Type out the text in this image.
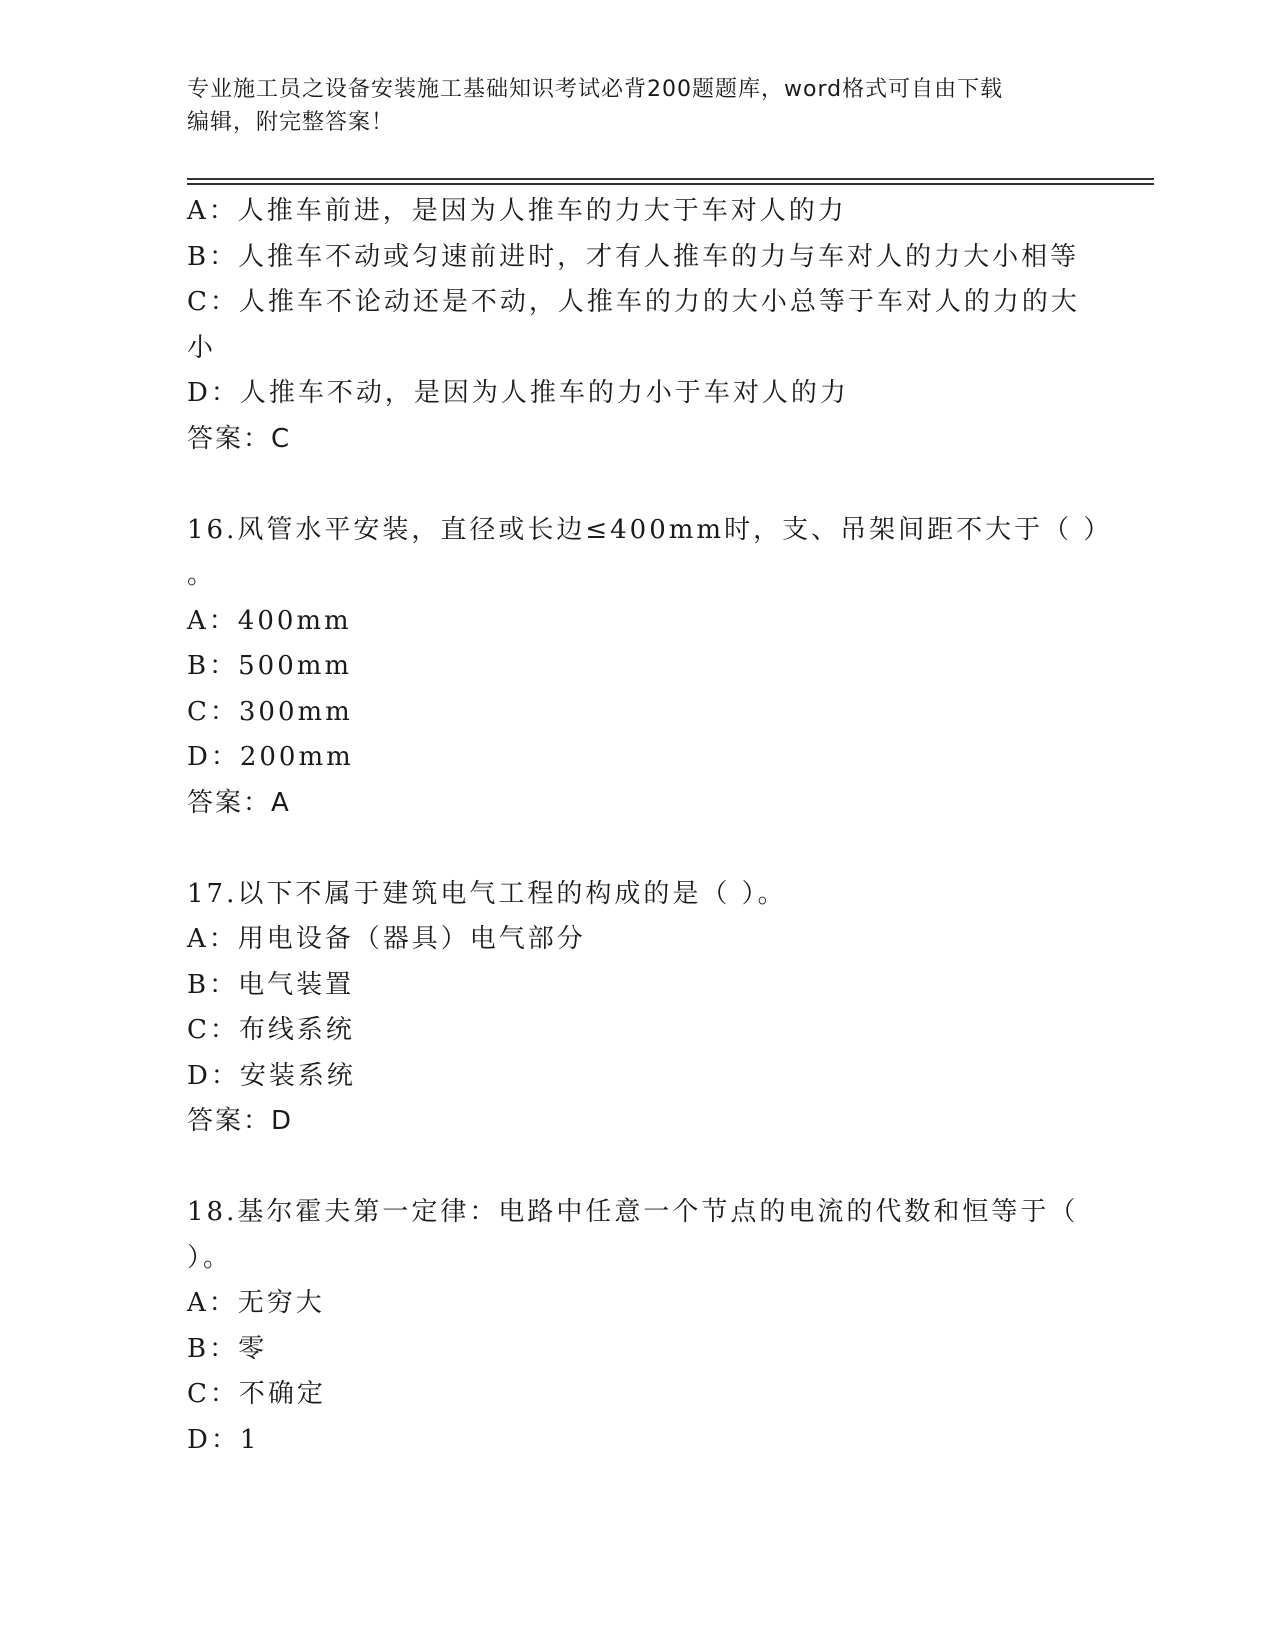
专业施工员之设备安装施工基础知识考试必背200题题库，word格式可自由下载
编辑，附完整答案！
A：人推车前进，是因为人推车的力大于车对人的力
B：人推车不动或匀速前进时，才有人推车的力与车对人的力大小相等
C：人推车不论动还是不动，人推车的力的大小总等于车对人的力的大
小
D：人推车不动，是因为人推车的力小于车对人的力
答案：C
16.风管水平安装，直径或长边≤400mm时，支、吊架间距不大于（ ）
。
A：400mm
B：500mm
C：300mm
D：200mm
答案：A
17.以下不属于建筑电气工程的构成的是（ ）。
A：用电设备（器具）电气部分
B：电气装置
C：布线系统
D：安装系统
答案：D
18.基尔霍夫第一定律：电路中任意一个节点的电流的代数和恒等于（
）。
A：无穷大
B：零
C：不确定
D：1
